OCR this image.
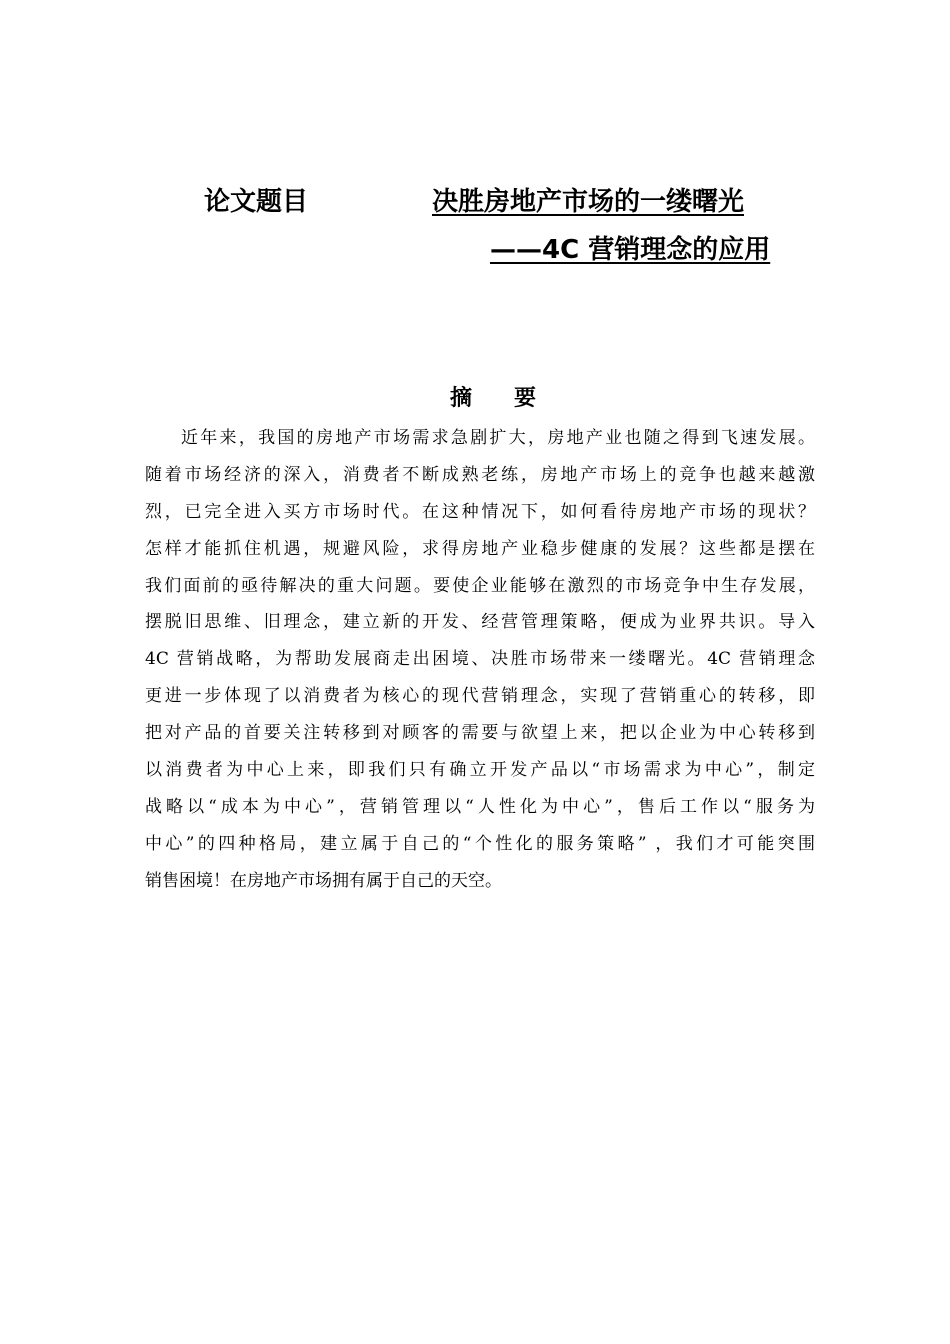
论文题目	决胜房地产市场的一缕曙光
——4C 营销理念的应用
摘要
近年来，我国的房地产市场需求急剧扩大，房地产业也随之得到飞速发展。
随着市场经济的深入，消费者不断成熟老练，房地产市场上的竞争也越来越激
烈，已完全进入买方市场时代。在这种情况下，如何看待房地产市场的现状？
怎样才能抓住机遇，规避风险，求得房地产业稳步健康的发展？这些都是摆在
我们面前的亟待解决的重大问题。要使企业能够在激烈的市场竞争中生存发展，
摆脱旧思维、旧理念，建立新的开发、经营管理策略，便成为业界共识。导入
4C 营销战略，为帮助发展商走出困境、决胜市场带来一缕曙光。4C 营销理念
更进一步体现了以消费者为核心的现代营销理念，实现了营销重心的转移，即
把对产品的首要关注转移到对顾客的需要与欲望上来，把以企业为中心转移到
以消费者为中心上来，即我们只有确立开发产品以“市场需求为中心”，制定
战略以“成本为中心”，营销管理以“人性化为中心”，售后工作以“服务为
中心”的四种格局，建立属于自己的“个性化的服务策略” ，我们才可能突围
销售困境！在房地产市场拥有属于自己的天空。
